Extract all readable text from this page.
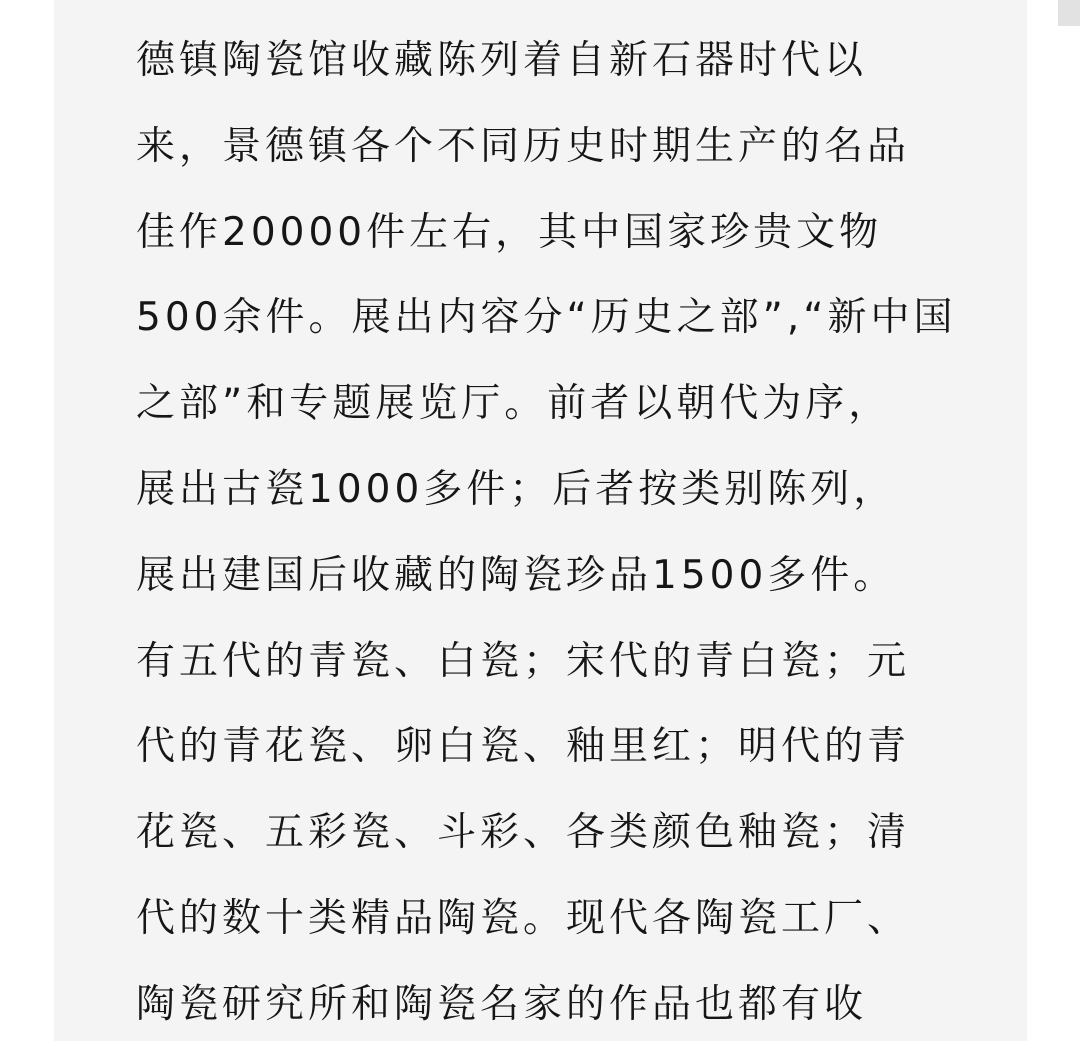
德镇陶瓷馆收藏陈列着自新石器时代以
来，景德镇各个不同历史时期生产的名品
佳作20000件左右，其中国家珍贵文物
500余件。展出内容分“历史之部”,“新中国
之部”和专题展览厅。前者以朝代为序，
展出古瓷1000多件；后者按类别陈列，
展出建国后收藏的陶瓷珍品1500多件。
有五代的青瓷、白瓷；宋代的青白瓷；元
代的青花瓷、卵白瓷、釉里红；明代的青
花瓷、五彩瓷、斗彩、各类颜色釉瓷；清
代的数十类精品陶瓷。现代各陶瓷工厂、
陶瓷研究所和陶瓷名家的作品也都有收
